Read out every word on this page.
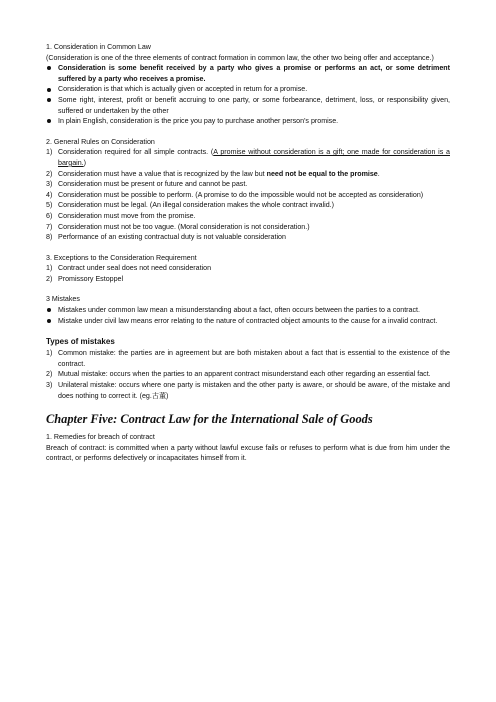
1. Consideration in Common Law

(Consideration is one of the three elements of contract formation in common law, the other two being offer and acceptance.)

Consideration is some benefit received by a party who gives a promise or performs an act, or some detriment suffered by a party who receives a promise.
Consideration is that which is actually given or accepted in return for a promise.
Some right, interest, profit or benefit accruing to one party, or some forbearance, detriment, loss, or responsibility given, suffered or undertaken by the other
In plain English, consideration is the price you pay to purchase another person's promise.

2. General Rules on Consideration

1) Consideration required for all simple contracts. (A promise without consideration is a gift; one made for consideration is a bargain.)
2) Consideration must have a value that is recognized by the law but need not be equal to the promise.
3) Consideration must be present or future and cannot be past.
4) Consideration must be possible to perform. (A promise to do the impossible would not be accepted as consideration)
5) Consideration must be legal. (An illegal consideration makes the whole contract invalid.)
6) Consideration must move from the promise.
7) Consideration must not be too vague. (Moral consideration is not consideration.)
8) Performance of an existing contractual duty is not valuable consideration

3. Exceptions to the Consideration Requirement

1) Contract under seal does not need consideration
2) Promissory Estoppel

3 Mistakes

Mistakes under common law mean a misunderstanding about a fact, often occurs between the parties to a contract.
Mistake under civil law means error relating to the nature of contracted object amounts to the cause for a invalid contract.

Types of mistakes

1) Common mistake: the parties are in agreement but are both mistaken about a fact that is essential to the existence of the contract.
2) Mutual mistake: occurs when the parties to an apparent contract misunderstand each other regarding an essential fact.
3) Unilateral mistake: occurs where one party is mistaken and the other party is aware, or should be aware, of the mistake and does nothing to correct it. (eg.古董)

Chapter Five: Contract Law for the International Sale of Goods

1. Remedies for breach of contract

Breach of contract: is committed when a party without lawful excuse fails or refuses to perform what is due from him under the contract, or performs defectively or incapacitates himself from it.
